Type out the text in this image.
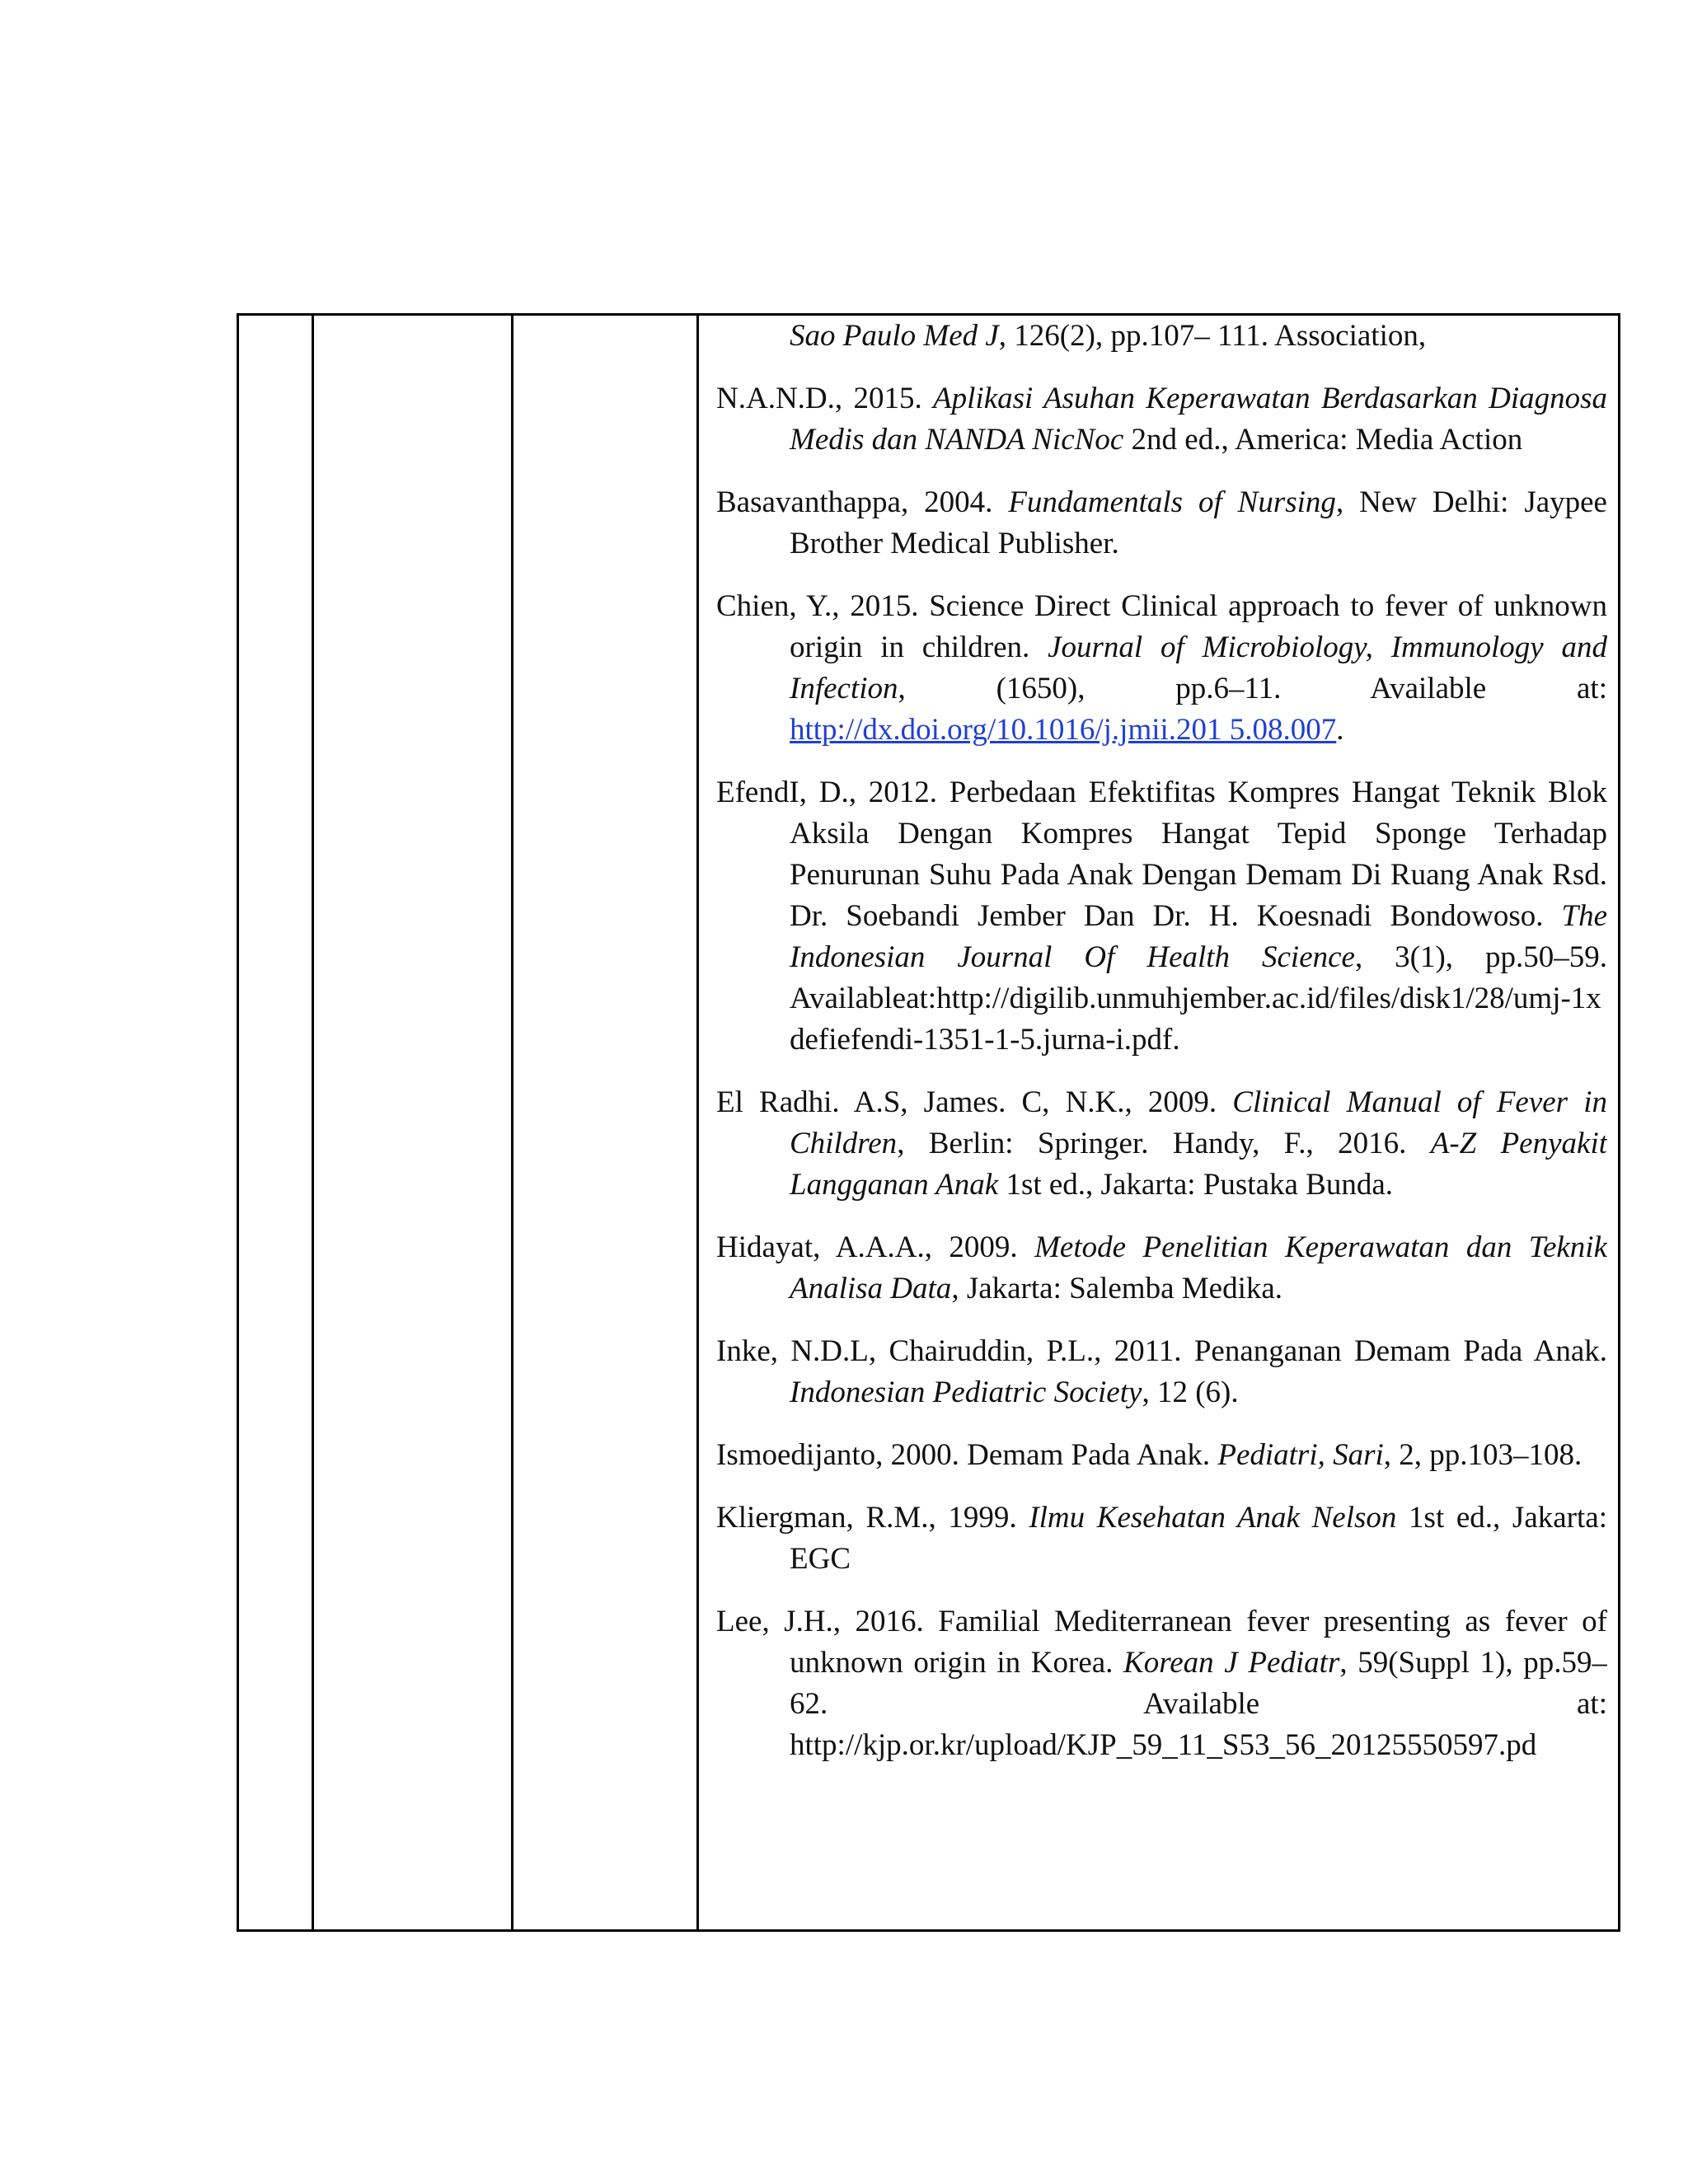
Sao Paulo Med J, 126(2), pp.107– 111. Association,

N.A.N.D., 2015. Aplikasi Asuhan Keperawatan Berdasarkan Diagnosa Medis dan NANDA NicNoc 2nd ed., America: Media Action

Basavanthappa, 2004. Fundamentals of Nursing, New Delhi: Jaypee Brother Medical Publisher.

Chien, Y., 2015. Science Direct Clinical approach to fever of unknown origin in children. Journal of Microbiology, Immunology and Infection, (1650), pp.6–11. Available at: http://dx.doi.org/10.1016/j.jmii.201 5.08.007.

EfendI, D., 2012. Perbedaan Efektifitas Kompres Hangat Teknik Blok Aksila Dengan Kompres Hangat Tepid Sponge Terhadap Penurunan Suhu Pada Anak Dengan Demam Di Ruang Anak Rsd. Dr. Soebandi Jember Dan Dr. H. Koesnadi Bondowoso. The Indonesian Journal Of Health Science, 3(1), pp.50–59. Availableat:http://digilib.unmuhjember.ac.id/files/disk1/28/umj-1x defiefendi-1351-1-5.jurna-i.pdf.

El Radhi. A.S, James. C, N.K., 2009. Clinical Manual of Fever in Children, Berlin: Springer. Handy, F., 2016. A-Z Penyakit Langganan Anak 1st ed., Jakarta: Pustaka Bunda.

Hidayat, A.A.A., 2009. Metode Penelitian Keperawatan dan Teknik Analisa Data, Jakarta: Salemba Medika.

Inke, N.D.L, Chairuddin, P.L., 2011. Penanganan Demam Pada Anak. Indonesian Pediatric Society, 12 (6).

Ismoedijanto, 2000. Demam Pada Anak. Pediatri, Sari, 2, pp.103–108.

Kliergman, R.M., 1999. Ilmu Kesehatan Anak Nelson 1st ed., Jakarta: EGC

Lee, J.H., 2016. Familial Mediterranean fever presenting as fever of unknown origin in Korea. Korean J Pediatr, 59(Suppl 1), pp.59–62. Available at: http://kjp.or.kr/upload/KJP_59_11_S53_56_20125550597.pd
